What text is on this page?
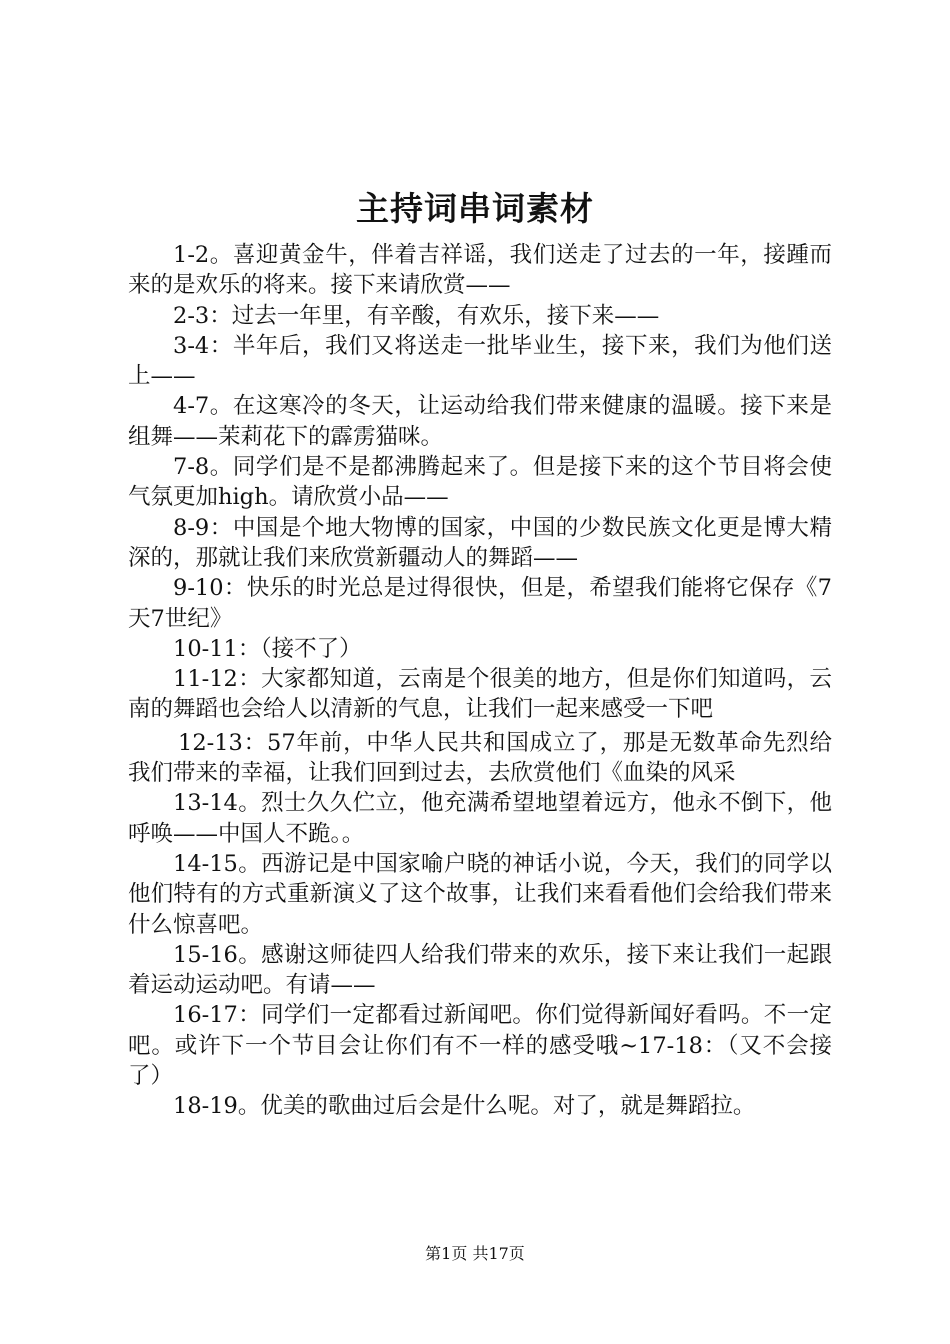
主持词串词素材

1-2。喜迎黄金牛，伴着吉祥谣，我们送走了过去的一年，接踵而来的是欢乐的将来。接下来请欣赏——

2-3：过去一年里，有辛酸，有欢乐，接下来——

3-4：半年后，我们又将送走一批毕业生，接下来，我们为他们送上——

4-7。在这寒冷的冬天，让运动给我们带来健康的温暖。接下来是组舞——茉莉花下的霹雳猫咪。

7-8。同学们是不是都沸腾起来了。但是接下来的这个节目将会使气氛更加high。请欣赏小品——

8-9：中国是个地大物博的国家，中国的少数民族文化更是博大精深的，那就让我们来欣赏新疆动人的舞蹈——

9-10：快乐的时光总是过得很快，但是，希望我们能将它保存《7天7世纪》

10-11：（接不了）

11-12：大家都知道，云南是个很美的地方，但是你们知道吗，云南的舞蹈也会给人以清新的气息，让我们一起来感受一下吧

12-13：57年前，中华人民共和国成立了，那是无数革命先烈给我们带来的幸福，让我们回到过去，去欣赏他们《血染的风采

13-14。烈士久久伫立，他充满希望地望着远方，他永不倒下，他呼唤——中国人不跪。。

14-15。西游记是中国家喻户晓的神话小说，今天，我们的同学以他们特有的方式重新演义了这个故事，让我们来看看他们会给我们带来什么惊喜吧。

15-16。感谢这师徒四人给我们带来的欢乐，接下来让我们一起跟着运动运动吧。有请——

16-17：同学们一定都看过新闻吧。你们觉得新闻好看吗。不一定吧。或许下一个节目会让你们有不一样的感受哦~17-18：（又不会接了）

18-19。优美的歌曲过后会是什么呢。对了，就是舞蹈拉。

第1页 共17页
